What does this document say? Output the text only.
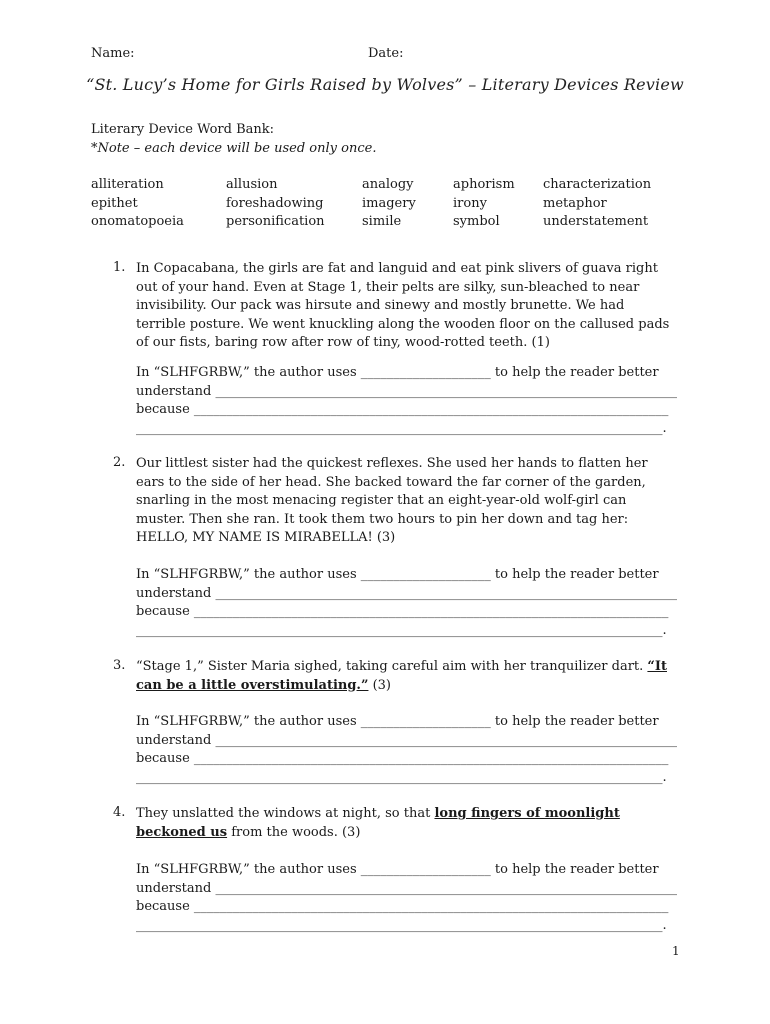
Name:	Date:
“St. Lucy’s Home for Girls Raised by Wolves” – Literary Devices Review
Literary Device Word Bank:
*Note – each device will be used only once.
alliteration	allusion	analogy	aphorism characterization
epithet	foreshadowing	imagery	irony	metaphor
onomatopoeia	personification	simile	symbol	understatement
1. In Copacabana, the girls are fat and languid and eat pink slivers of guava right out of your hand. Even at Stage 1, their pelts are silky, sun-bleached to near invisibility. Our pack was hirsute and sinewy and mostly brunette. We had terrible posture. We went knuckling along the wooden floor on the callused pads of our fists, baring row after row of tiny, wood-rotted teeth. (1)
In “SLHFGRBW,” the author uses ____________________ to help the reader better
understand _______________________________________________________________________
because _________________________________________________________________________
_________________________________________________________________________________.
2. Our littlest sister had the quickest reflexes. She used her hands to flatten her ears to the side of her head. She backed toward the far corner of the garden, snarling in the most menacing register that an eight-year-old wolf-girl can muster. Then she ran. It took them two hours to pin her down and tag her: HELLO, MY NAME IS MIRABELLA! (3)
In “SLHFGRBW,” the author uses ____________________ to help the reader better
understand _______________________________________________________________________
because _________________________________________________________________________
_________________________________________________________________________________.
3. “Stage 1,” Sister Maria sighed, taking careful aim with her tranquilizer dart. “It can be a little overstimulating.” (3)
In “SLHFGRBW,” the author uses ____________________ to help the reader better
understand _______________________________________________________________________
because _________________________________________________________________________
_________________________________________________________________________________.
4. They unslatted the windows at night, so that long fingers of moonlight beckoned us from the woods. (3)
In “SLHFGRBW,” the author uses ____________________ to help the reader better
understand _______________________________________________________________________
because _________________________________________________________________________
_________________________________________________________________________________.
1
